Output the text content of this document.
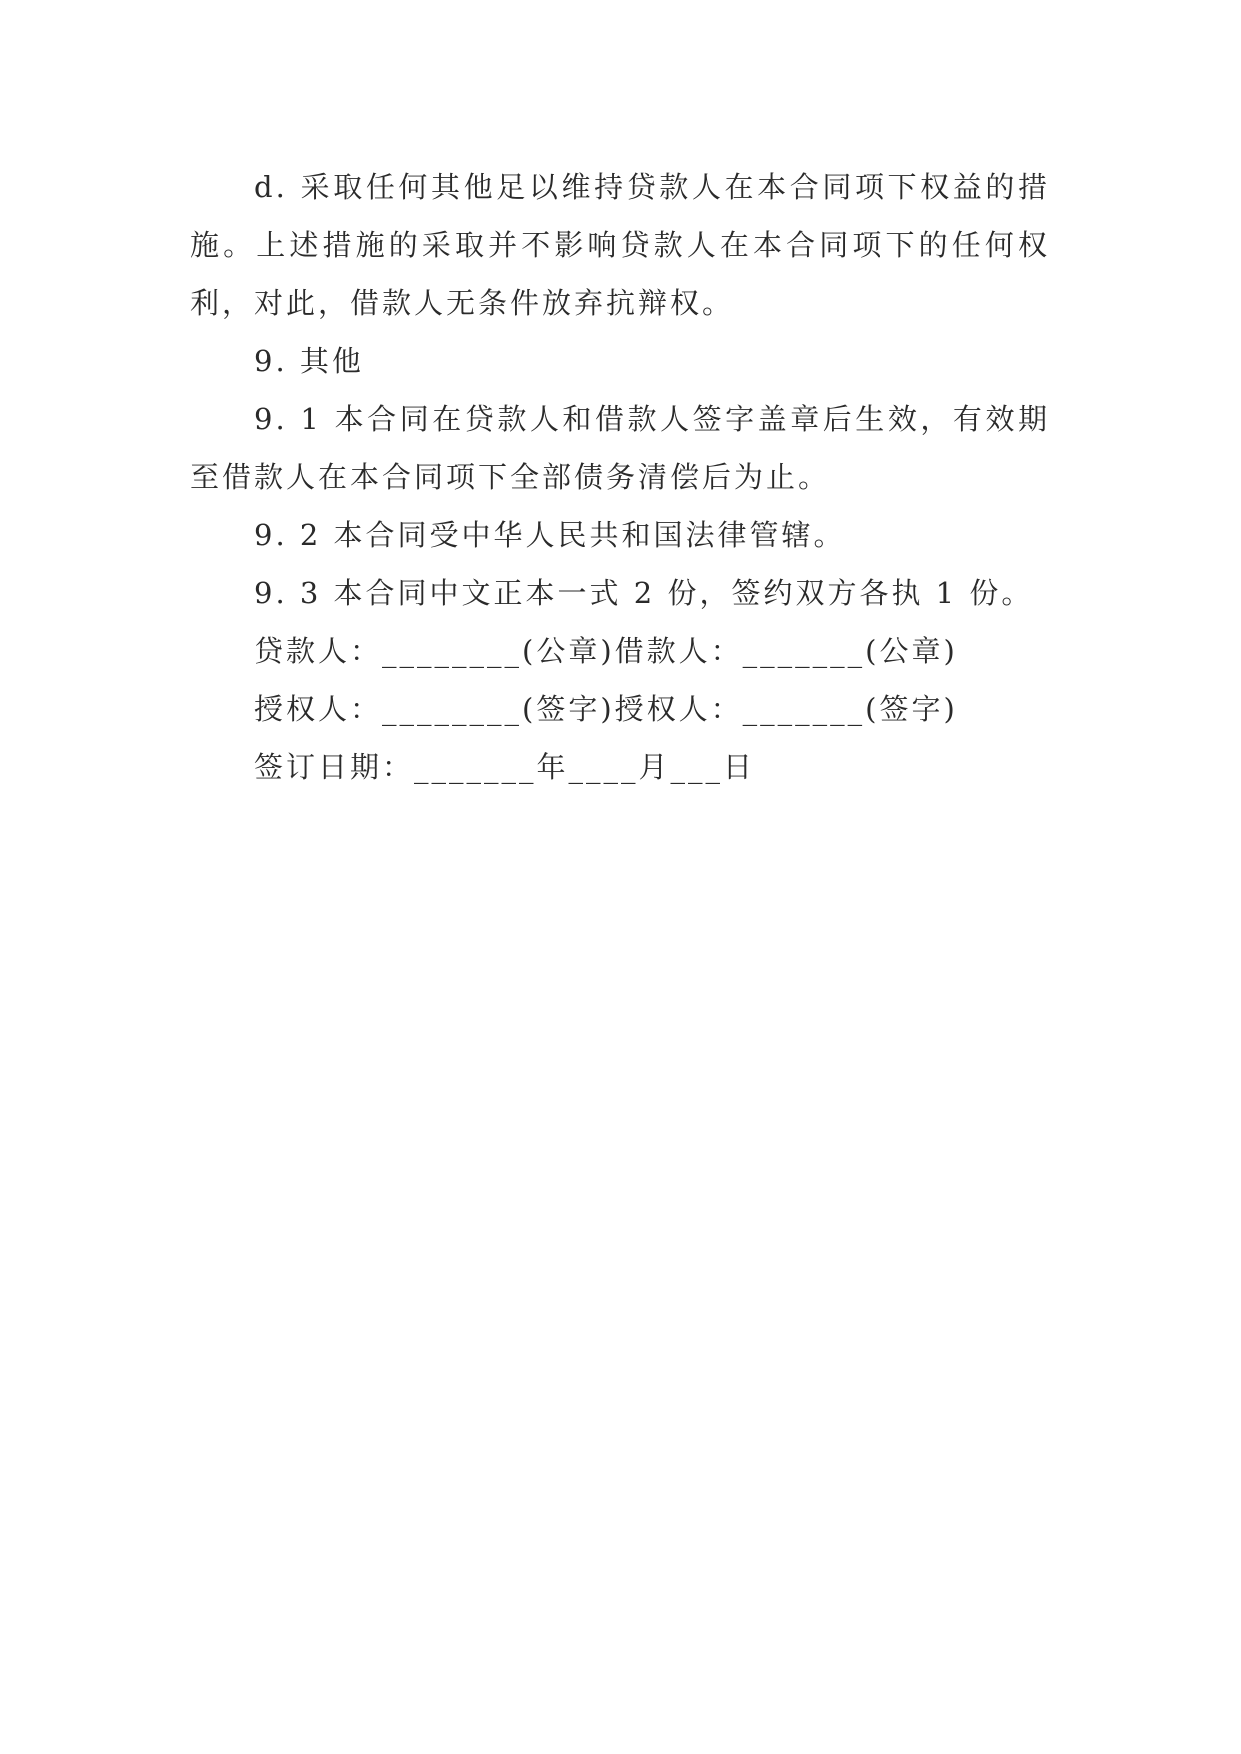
d. 采取任何其他足以维持贷款人在本合同项下权益的措施。上述措施的采取并不影响贷款人在本合同项下的任何权利，对此，借款人无条件放弃抗辩权。

9. 其他

9. 1 本合同在贷款人和借款人签字盖章后生效，有效期至借款人在本合同项下全部债务清偿后为止。

9. 2 本合同受中华人民共和国法律管辖。

9. 3 本合同中文正本一式 2 份，签约双方各执 1 份。

贷款人：________(公章)借款人：_______(公章)

授权人：________(签字)授权人：_______(签字)

签订日期：_______年____月___日
